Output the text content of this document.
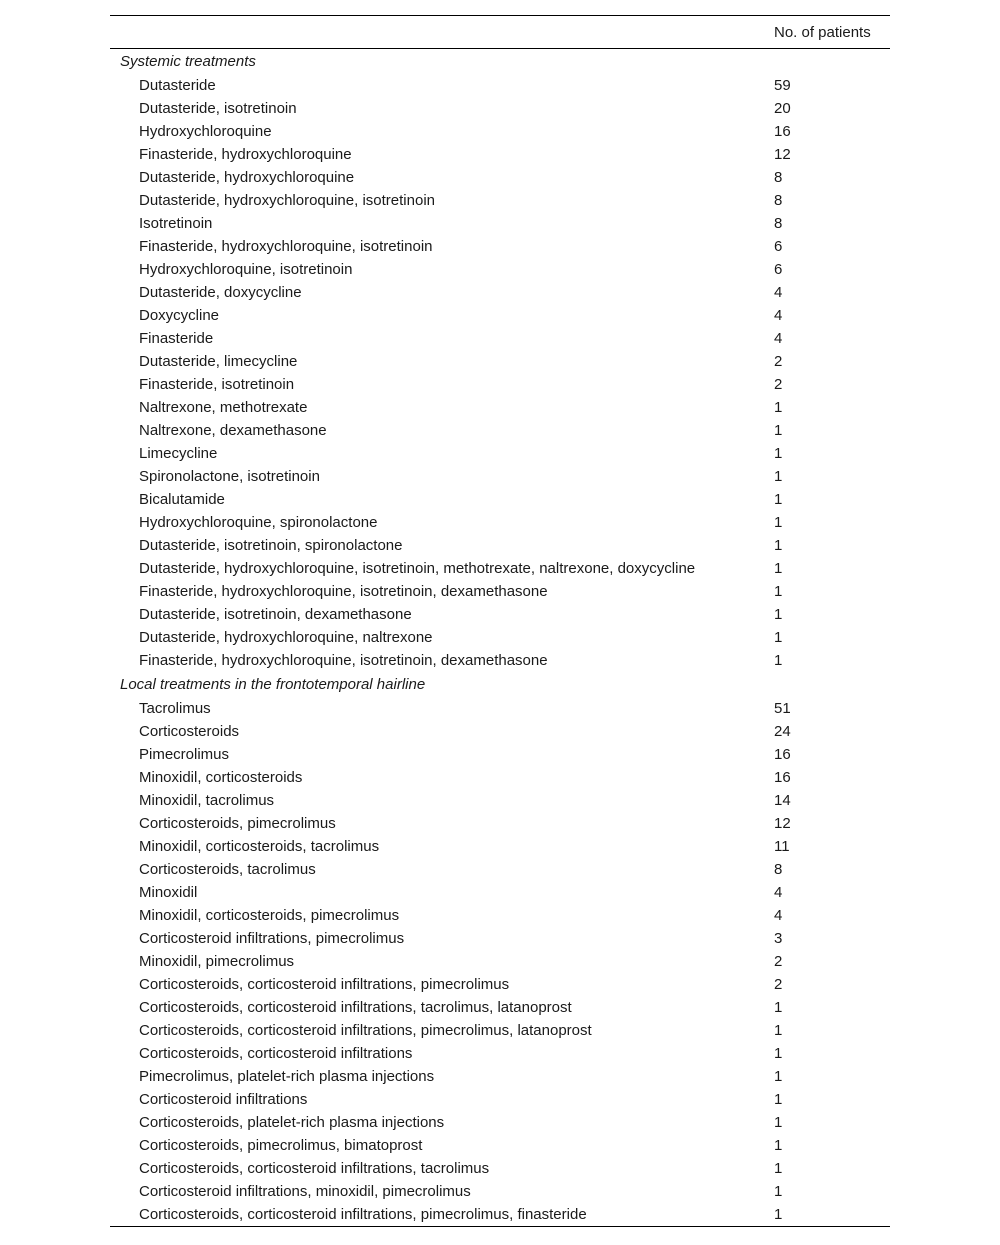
	No. of patients
Systemic treatments	
Dutasteride	59
Dutasteride, isotretinoin	20
Hydroxychloroquine	16
Finasteride, hydroxychloroquine	12
Dutasteride, hydroxychloroquine	8
Dutasteride, hydroxychloroquine, isotretinoin	8
Isotretinoin	8
Finasteride, hydroxychloroquine, isotretinoin	6
Hydroxychloroquine, isotretinoin	6
Dutasteride, doxycycline	4
Doxycycline	4
Finasteride	4
Dutasteride, limecycline	2
Finasteride, isotretinoin	2
Naltrexone, methotrexate	1
Naltrexone, dexamethasone	1
Limecycline	1
Spironolactone, isotretinoin	1
Bicalutamide	1
Hydroxychloroquine, spironolactone	1
Dutasteride, isotretinoin, spironolactone	1
Dutasteride, hydroxychloroquine, isotretinoin, methotrexate, naltrexone, doxycycline	1
Finasteride, hydroxychloroquine, isotretinoin, dexamethasone	1
Dutasteride, isotretinoin, dexamethasone	1
Dutasteride, hydroxychloroquine, naltrexone	1
Finasteride, hydroxychloroquine, isotretinoin, dexamethasone	1
Local treatments in the frontotemporal hairline	
Tacrolimus	51
Corticosteroids	24
Pimecrolimus	16
Minoxidil, corticosteroids	16
Minoxidil, tacrolimus	14
Corticosteroids, pimecrolimus	12
Minoxidil, corticosteroids, tacrolimus	11
Corticosteroids, tacrolimus	8
Minoxidil	4
Minoxidil, corticosteroids, pimecrolimus	4
Corticosteroid infiltrations, pimecrolimus	3
Minoxidil, pimecrolimus	2
Corticosteroids, corticosteroid infiltrations, pimecrolimus	2
Corticosteroids, corticosteroid infiltrations, tacrolimus, latanoprost	1
Corticosteroids, corticosteroid infiltrations, pimecrolimus, latanoprost	1
Corticosteroids, corticosteroid infiltrations	1
Pimecrolimus, platelet-rich plasma injections	1
Corticosteroid infiltrations	1
Corticosteroids, platelet-rich plasma injections	1
Corticosteroids, pimecrolimus, bimatoprost	1
Corticosteroids, corticosteroid infiltrations, tacrolimus	1
Corticosteroid infiltrations, minoxidil, pimecrolimus	1
Corticosteroids, corticosteroid infiltrations, pimecrolimus, finasteride	1
